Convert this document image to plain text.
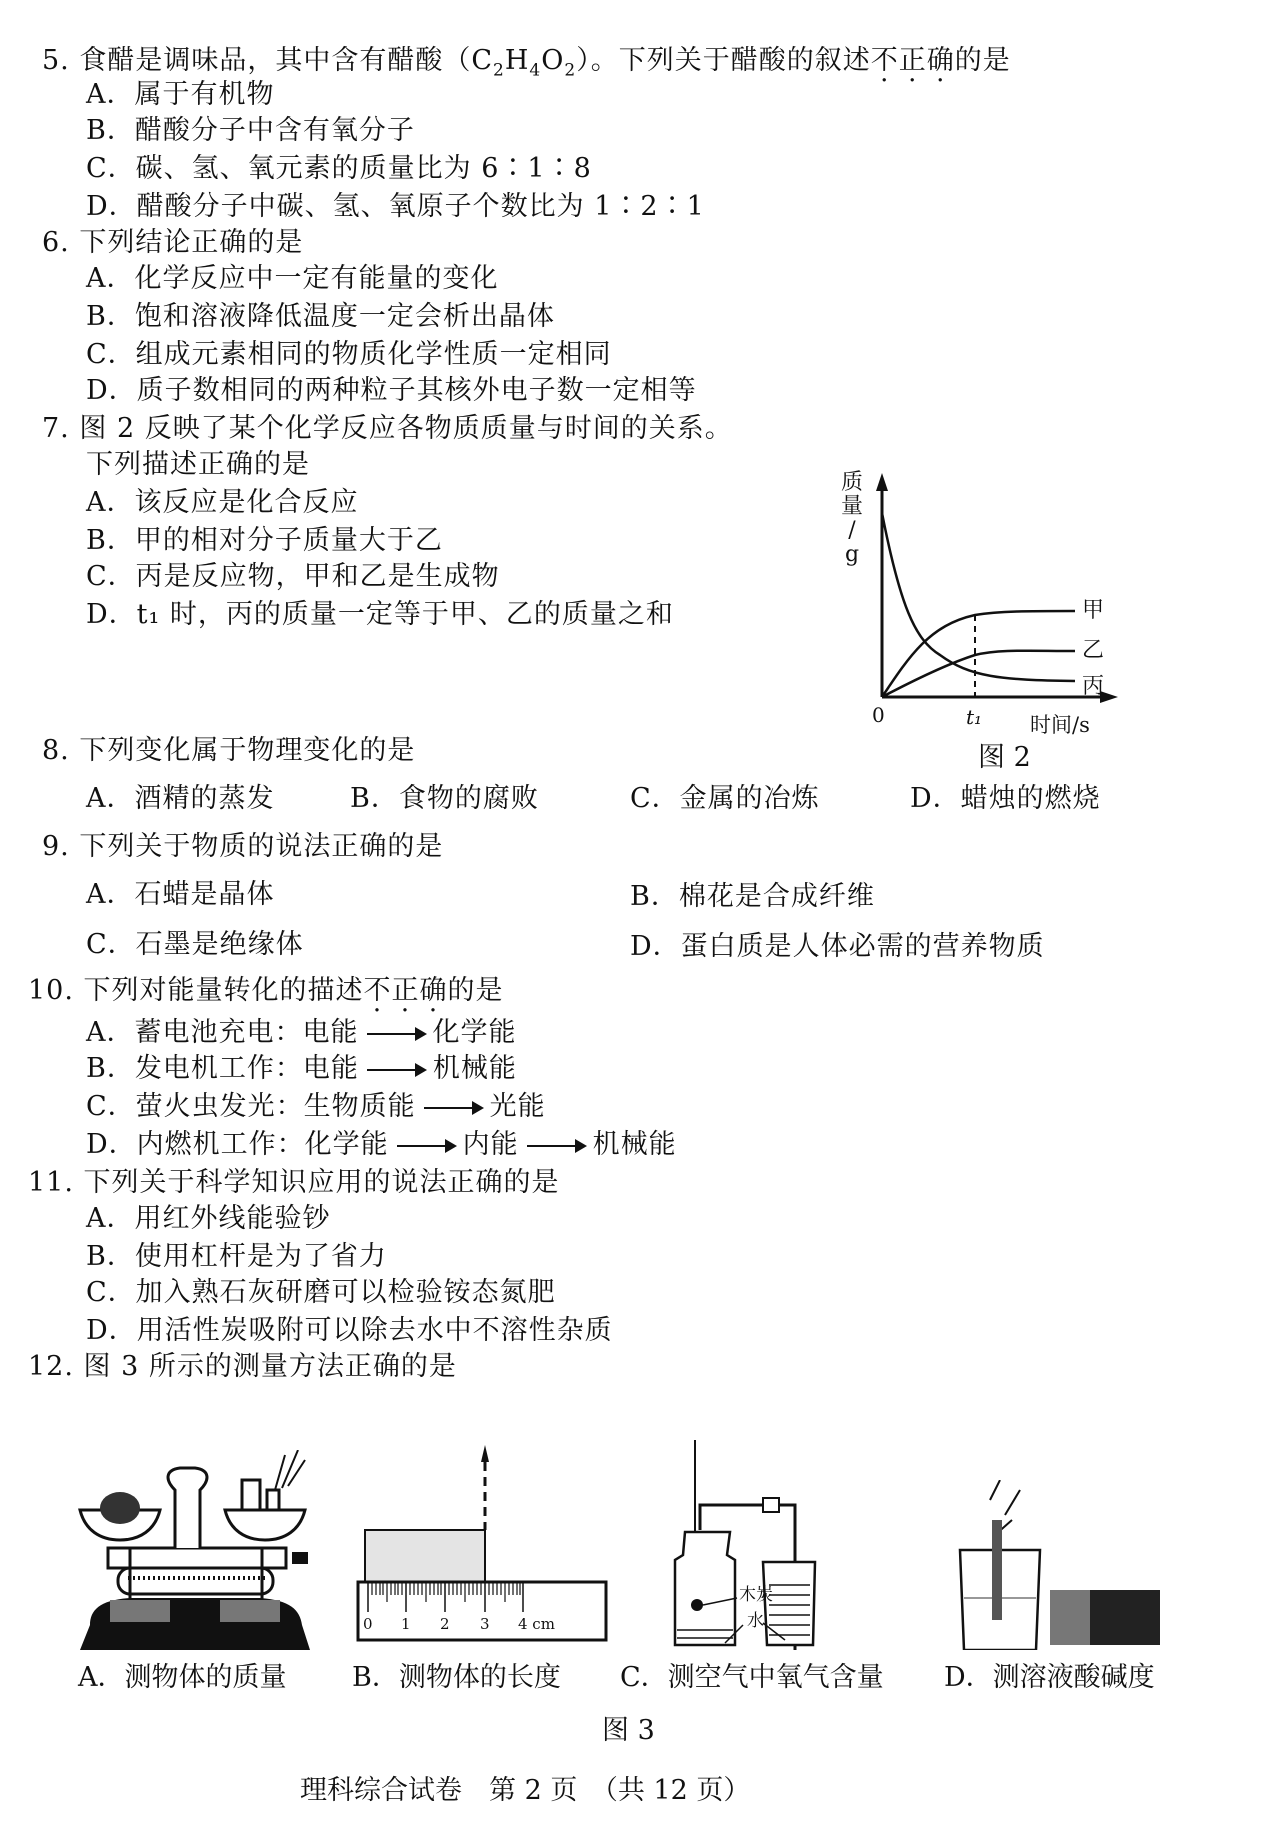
5. 食醋是调味品，其中含有醋酸$(C_2H_4O_2)$。下列关于醋酸的叙述不正确的是
A．属于有机物
B．醋酸分子中含有氧分子
C．碳、氢、氧元素的质量比为 6∶1∶8
D．醋酸分子中碳、氢、氧原子个数比为 1∶2∶1
6. 下列结论正确的是
A．化学反应中一定有能量的变化
B．饱和溶液降低温度一定会析出晶体
C．组成元素相同的物质化学性质一定相同
D．质子数相同的两种粒子其核外电子数一定相等
7. 图 2 反映了某个化学反应各物质质量与时间的关系。
下列描述正确的是
A．该反应是化合反应
B．甲的相对分子质量大于乙
C．丙是反应物，甲和乙是生成物
D．t₁ 时，丙的质量一定等于甲、乙的质量之和
质
量
/
g
甲
乙
丙
0	t₁ 时间/s
图 2
8. 下列变化属于物理变化的是
A．酒精的蒸发	B．食物的腐败	C．金属的冶炼	D．蜡烛的燃烧
9. 下列关于物质的说法正确的是
A．石蜡是晶体	B．棉花是合成纤维
C．石墨是绝缘体	D．蛋白质是人体必需的营养物质
10. 下列对能量转化的描述不正确的是
A．蓄电池充电：电能	化学能
B．发电机工作：电能	机械能
C．萤火虫发光：生物质能	光能
D．内燃机工作：化学能	内能	机械能
11. 下列关于科学知识应用的说法正确的是
A．用红外线能验钞
B．使用杠杆是为了省力
C．加入熟石灰研磨可以检验铵态氮肥
D．用活性炭吸附可以除去水中不溶性杂质
12. 图 3 所示的测量方法正确的是
A．测物体的质量
0 1 2 3 4 cm
B．测物体的长度
木炭
水
C．测空气中氧气含量 D．测溶液酸碱度
图 3
理科综合试卷　第 2 页　（共 12 页）
